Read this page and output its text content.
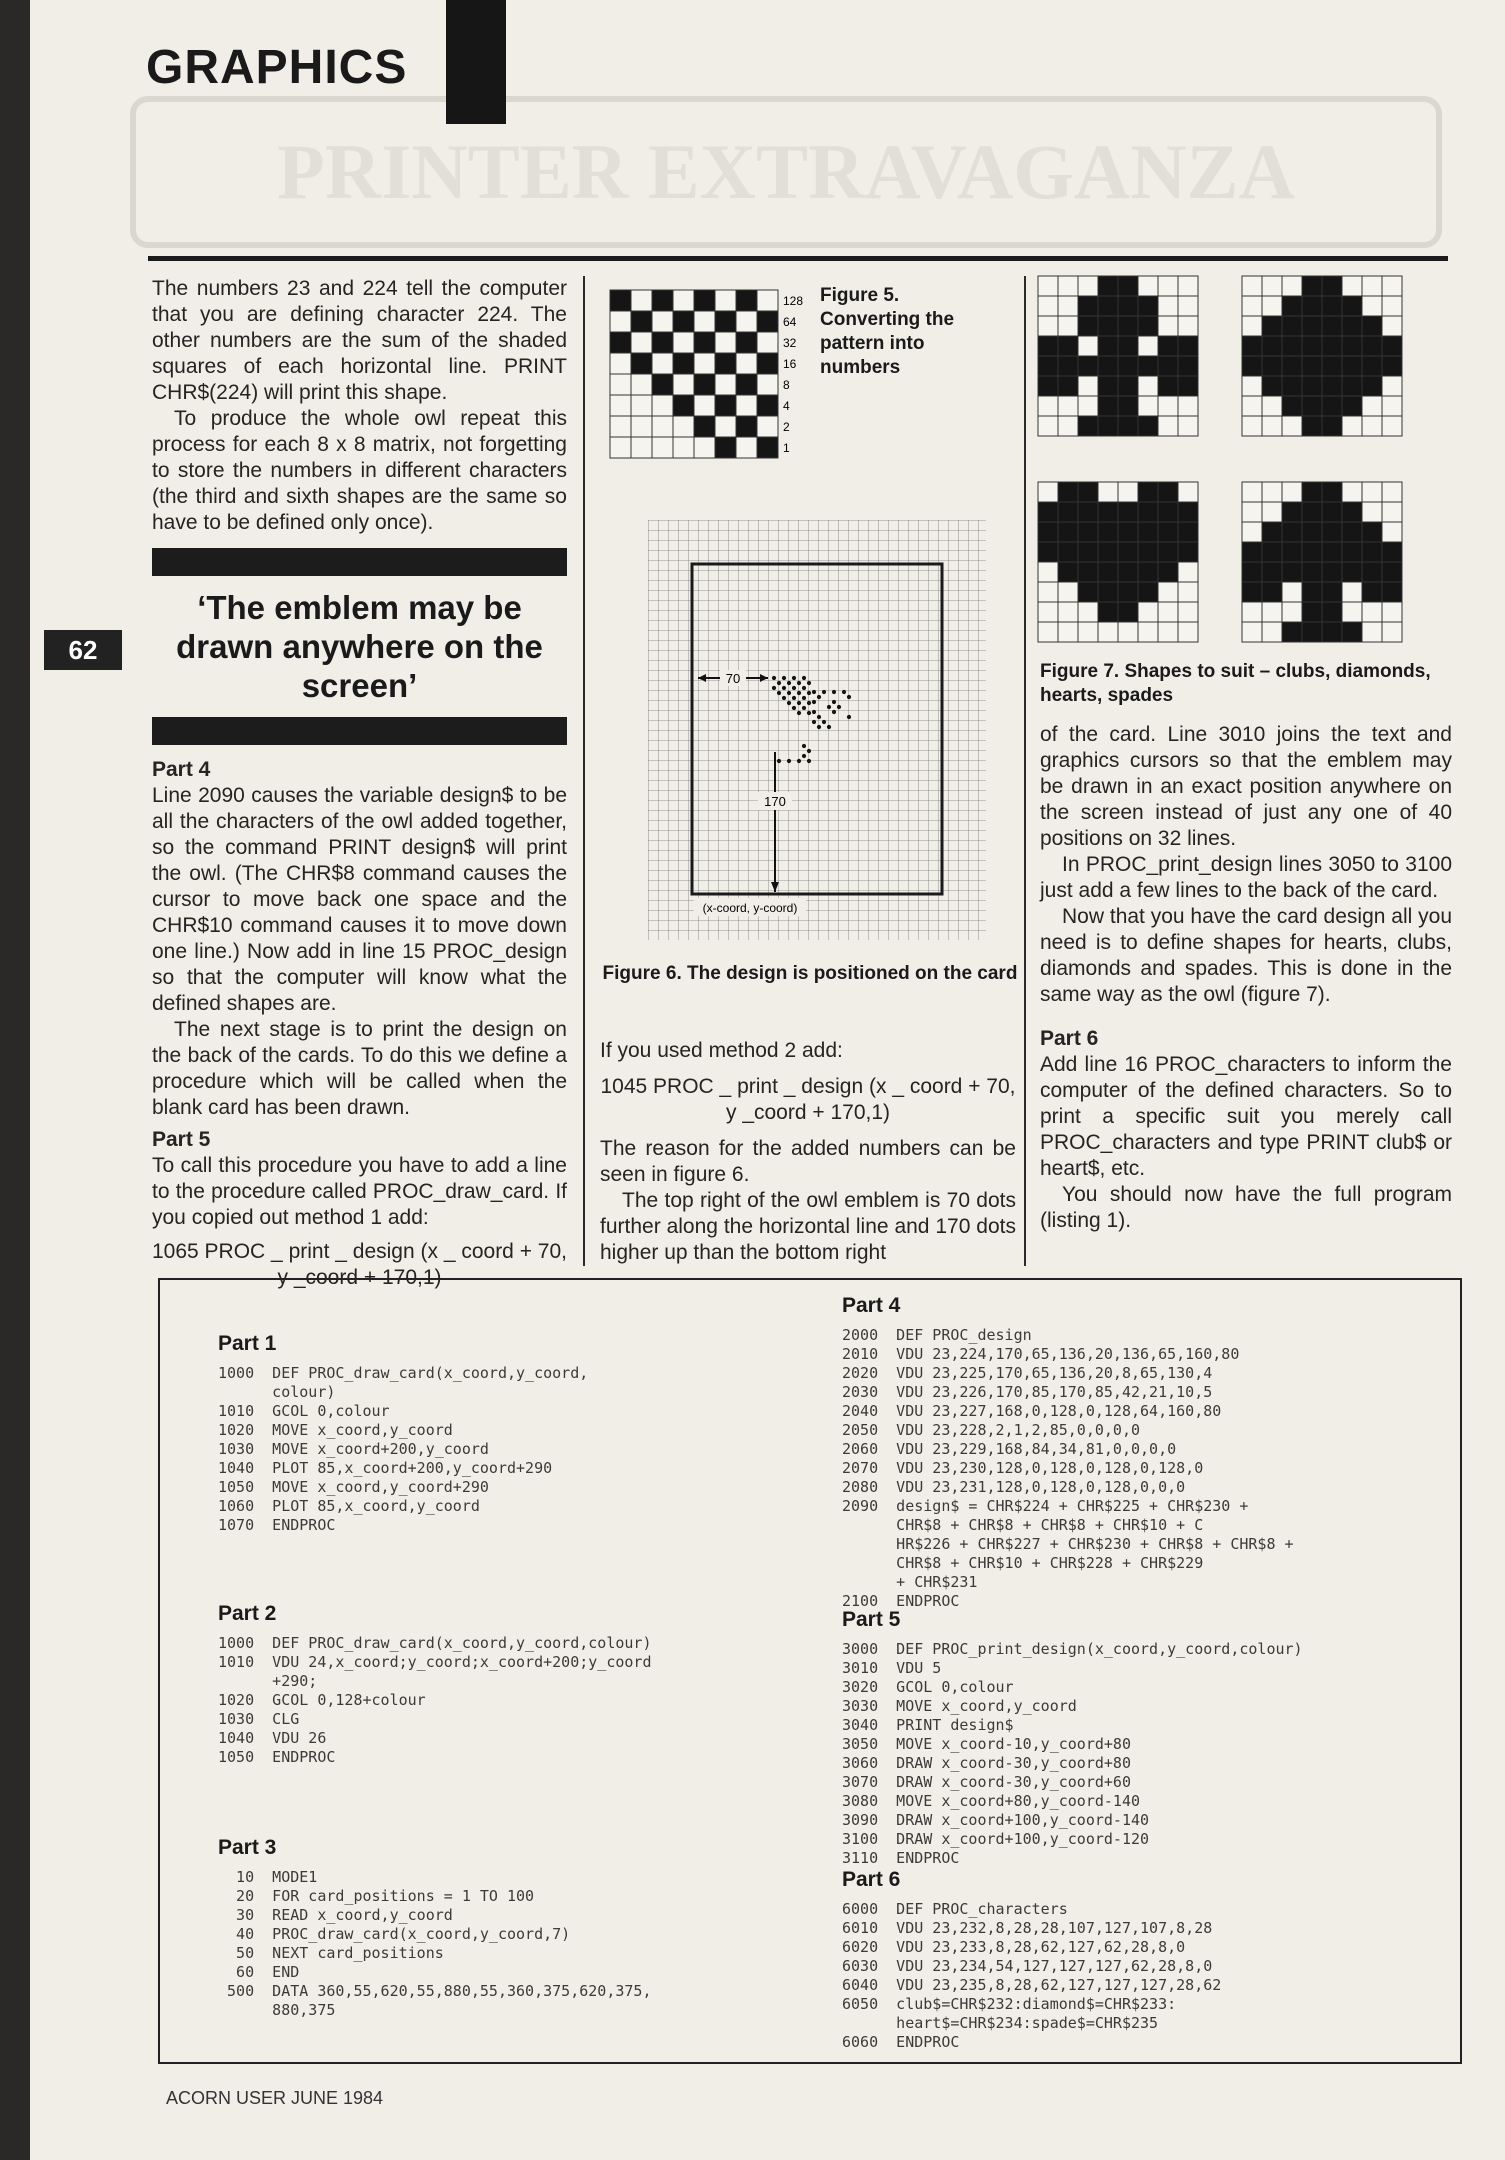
PRINTER EXTRAVAGANZA
GRAPHICS
62

The numbers 23 and 224 tell the computer that you are defining character 224. The other numbers are the sum of the shaded squares of each horizontal line. PRINT CHR$(224) will print this shape.

To produce the whole owl repeat this process for each 8 x 8 matrix, not forgetting to store the numbers in different characters (the third and sixth shapes are the same so have to be defined only once).

‘The emblem may be drawn anywhere on the screen’
Part 4

Line 2090 causes the variable design$ to be all the characters of the owl added together, so the command PRINT design$ will print the owl. (The CHR$8 command causes the cursor to move back one space and the CHR$10 command causes it to move down one line.) Now add in line 15 PROC_design so that the computer will know what the defined shapes are.

The next stage is to print the design on the back of the cards. To do this we define a procedure which will be called when the blank card has been drawn.

Part 5

To call this procedure you have to add a line to the procedure called PROC_draw_card. If you copied out method 1 add:

1065 PROC _ print _ design (x _ coord + 70, y _coord + 170,1)

128
64
32
16
8
4
2
1
Figure 5. Converting the pattern into numbers
70
170
(x-coord, y-coord)
Figure 6. The design is positioned on the card

If you used method 2 add:

1045 PROC _ print _ design (x _ coord + 70, y _coord + 170,1)

The reason for the added numbers can be seen in figure 6.

The top right of the owl emblem is 70 dots further along the horizontal line and 170 dots higher up than the bottom right

Figure 7. Shapes to suit – clubs, diamonds, hearts, spades

of the card. Line 3010 joins the text and graphics cursors so that the emblem may be drawn in an exact position anywhere on the screen instead of just any one of 40 positions on 32 lines.

In PROC_print_design lines 3050 to 3100 just add a few lines to the back of the card.

Now that you have the card design all you need is to define shapes for hearts, clubs, diamonds and spades. This is done in the same way as the owl (figure 7).

Part 6

Add line 16 PROC_characters to inform the computer of the defined characters. So to print a specific suit you merely call PROC_characters and type PRINT club$ or heart$, etc.

You should now have the full program (listing 1).

Part 1
1000  DEF PROC_draw_card(x_coord,y_coord,
colour)
1010  GCOL 0,colour
1020  MOVE x_coord,y_coord
1030  MOVE x_coord+200,y_coord
1040  PLOT 85,x_coord+200,y_coord+290
1050  MOVE x_coord,y_coord+290
1060  PLOT 85,x_coord,y_coord
1070  ENDPROC
Part 2
1000  DEF PROC_draw_card(x_coord,y_coord,colour)
1010  VDU 24,x_coord;y_coord;x_coord+200;y_coord
+290;
1020  GCOL 0,128+colour
1030  CLG
1040  VDU 26
1050  ENDPROC
Part 3
10  MODE1
20  FOR card_positions = 1 TO 100
30  READ x_coord,y_coord
40  PROC_draw_card(x_coord,y_coord,7)
50  NEXT card_positions
60  END
500  DATA 360,55,620,55,880,55,360,375,620,375,
880,375
Part 4
2000  DEF PROC_design
2010  VDU 23,224,170,65,136,20,136,65,160,80
2020  VDU 23,225,170,65,136,20,8,65,130,4
2030  VDU 23,226,170,85,170,85,42,21,10,5
2040  VDU 23,227,168,0,128,0,128,64,160,80
2050  VDU 23,228,2,1,2,85,0,0,0,0
2060  VDU 23,229,168,84,34,81,0,0,0,0
2070  VDU 23,230,128,0,128,0,128,0,128,0
2080  VDU 23,231,128,0,128,0,128,0,0,0
2090  design$ = CHR$224 + CHR$225 + CHR$230 +
CHR$8 + CHR$8 + CHR$8 + CHR$10 + C
HR$226 + CHR$227 + CHR$230 + CHR$8 + CHR$8 +
CHR$8 + CHR$10 + CHR$228 + CHR$229
+ CHR$231
2100  ENDPROC
Part 5
3000  DEF PROC_print_design(x_coord,y_coord,colour)
3010  VDU 5
3020  GCOL 0,colour
3030  MOVE x_coord,y_coord
3040  PRINT design$
3050  MOVE x_coord-10,y_coord+80
3060  DRAW x_coord-30,y_coord+80
3070  DRAW x_coord-30,y_coord+60
3080  MOVE x_coord+80,y_coord-140
3090  DRAW x_coord+100,y_coord-140
3100  DRAW x_coord+100,y_coord-120
3110  ENDPROC
Part 6
6000  DEF PROC_characters
6010  VDU 23,232,8,28,28,107,127,107,8,28
6020  VDU 23,233,8,28,62,127,62,28,8,0
6030  VDU 23,234,54,127,127,127,62,28,8,0
6040  VDU 23,235,8,28,62,127,127,127,28,62
6050  club$=CHR$232:diamond$=CHR$233:
heart$=CHR$234:spade$=CHR$235
6060  ENDPROC
ACORN USER JUNE 1984
